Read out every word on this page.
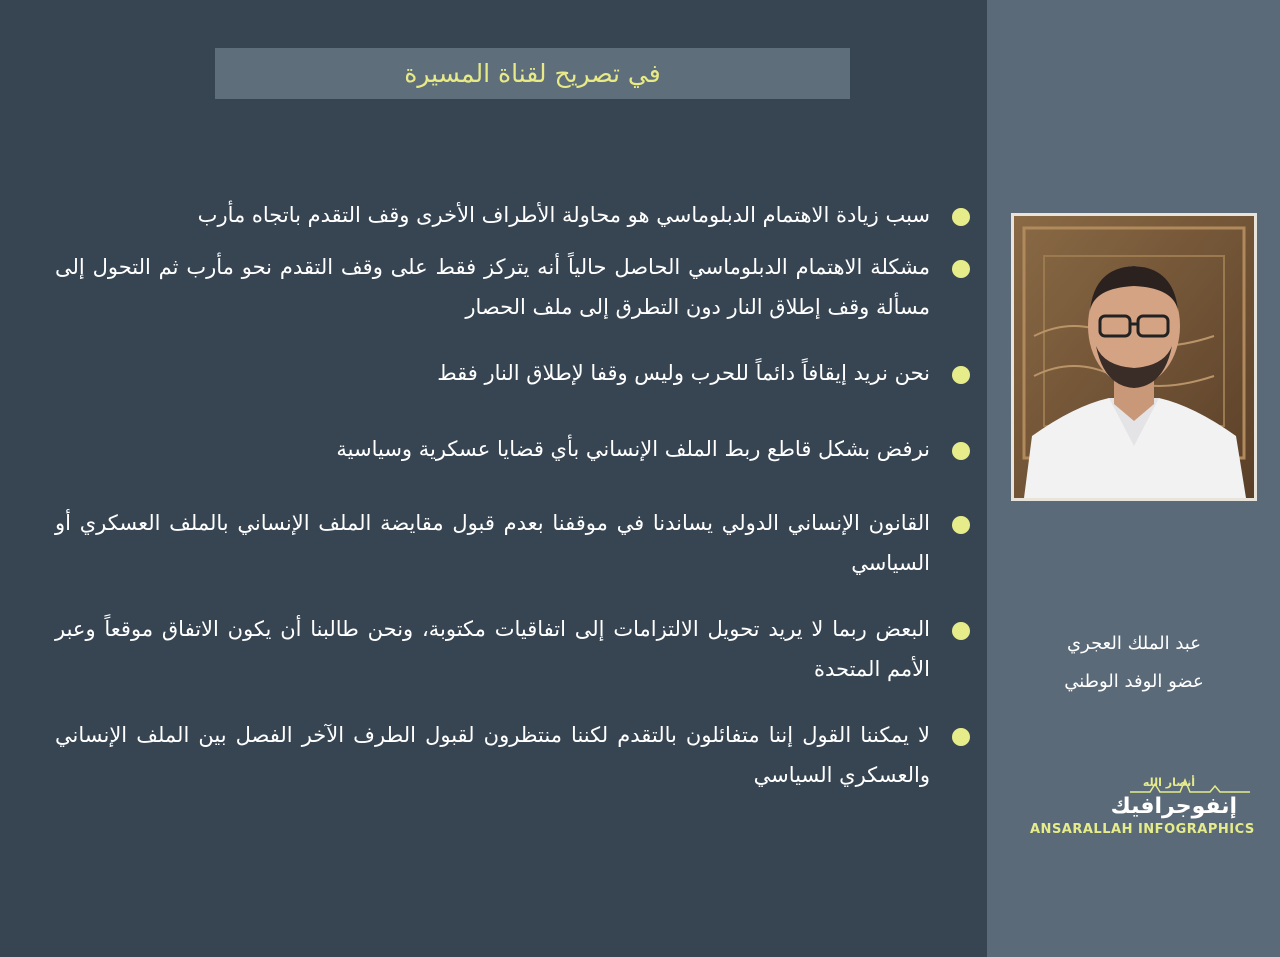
في تصريح لقناة المسيرة
سبب زيادة الاهتمام الدبلوماسي هو محاولة الأطراف الأخرى وقف التقدم باتجاه مأرب
مشكلة الاهتمام الدبلوماسي الحاصل حالياً أنه يتركز فقط على وقف التقدم نحو مأرب ثم التحول إلى مسألة وقف إطلاق النار دون التطرق إلى ملف الحصار
نحن نريد إيقافاً دائماً للحرب وليس وقفا لإطلاق النار فقط
نرفض بشكل قاطع ربط الملف الإنساني بأي قضايا عسكرية وسياسية
القانون الإنساني الدولي يساندنا في موقفنا بعدم قبول مقايضة الملف الإنساني بالملف العسكري أو السياسي
البعض ربما لا يريد تحويل الالتزامات إلى اتفاقيات مكتوبة، ونحن طالبنا أن يكون الاتفاق موقعاً وعبر الأمم المتحدة
لا يمكننا القول إننا متفائلون بالتقدم لكننا منتظرون لقبول الطرف الآخر الفصل بين الملف الإنساني والعسكري السياسي
عبد الملك العجري
عضو الوفد الوطني
أنصار الله
إنفوجرافيك
ANSARALLAH INFOGRAPHICS
